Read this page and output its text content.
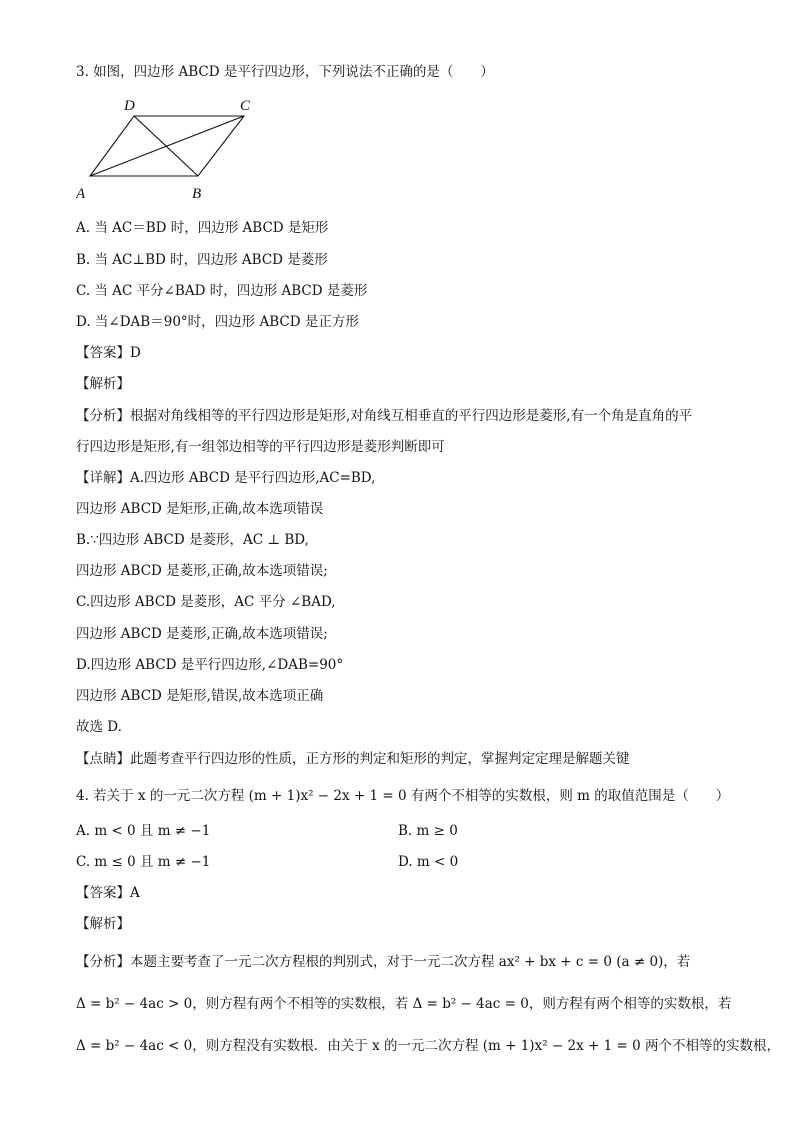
3. 如图，四边形 ABCD 是平行四边形，下列说法不正确的是（　　）
A	B
C
D
A. 当 AC＝BD 时，四边形 ABCD 是矩形
B. 当 AC⊥BD 时，四边形 ABCD 是菱形
C. 当 AC 平分∠BAD 时，四边形 ABCD 是菱形
D. 当∠DAB＝90°时，四边形 ABCD 是正方形
【答案】D
【解析】
【分析】根据对角线相等的平行四边形是矩形,对角线互相垂直的平行四边形是菱形,有一个角是直角的平
行四边形是矩形,有一组邻边相等的平行四边形是菱形判断即可
【详解】A.四边形 ABCD 是平行四边形,AC=BD,
四边形 ABCD 是矩形,正确,故本选项错误
B.∵四边形 ABCD 是菱形，AC ⊥ BD,
四边形 ABCD 是菱形,正确,故本选项错误;
C.四边形 ABCD 是菱形，AC 平分 ∠BAD,
四边形 ABCD 是菱形,正确,故本选项错误;
D.四边形 ABCD 是平行四边形,∠DAB=90°
四边形 ABCD 是矩形,错误,故本选项正确
故选 D.
【点睛】此题考查平行四边形的性质，正方形的判定和矩形的判定，掌握判定定理是解题关键
4. 若关于 x 的一元二次方程 (m + 1)x² − 2x + 1 = 0 有两个不相等的实数根，则 m 的取值范围是（　　）
A. m < 0 且 m ≠ −1	B. m ≥ 0
C. m ≤ 0 且 m ≠ −1	D. m < 0
【答案】A
【解析】
【分析】本题主要考查了一元二次方程根的判别式，对于一元二次方程 ax² + bx + c = 0 (a ≠ 0)，若
Δ = b² − 4ac > 0，则方程有两个不相等的实数根，若 Δ = b² − 4ac = 0，则方程有两个相等的实数根，若
Δ = b² − 4ac < 0，则方程没有实数根．由关于 x 的一元二次方程 (m + 1)x² − 2x + 1 = 0 两个不相等的实数根，
